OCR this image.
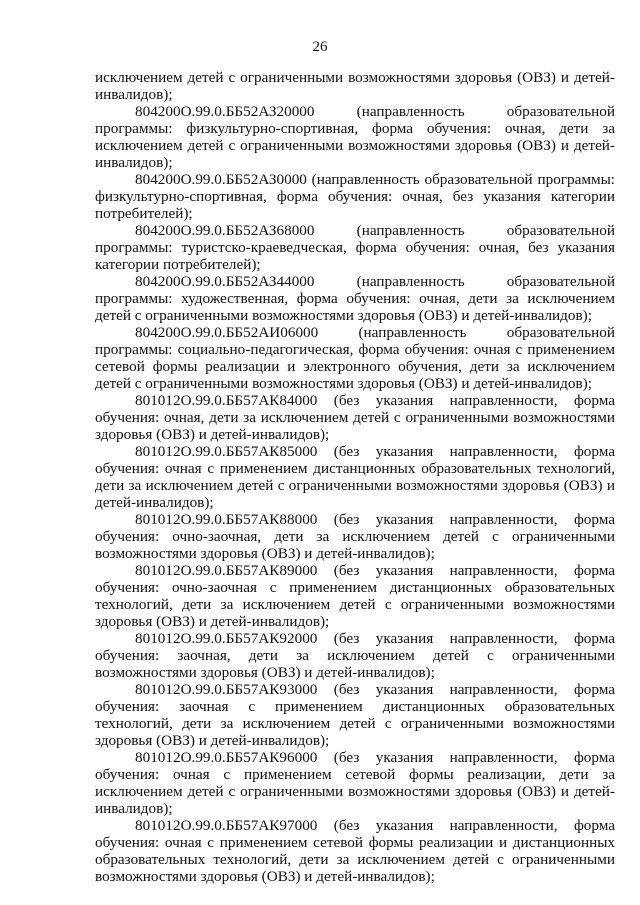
26

исключением детей с ограниченными возможностями здоровья (ОВЗ) и детей-инвалидов);

804200О.99.0.ББ52АЗ20000 (направленность образовательной программы: физкультурно-спортивная, форма обучения: очная, дети за исключением детей с ограниченными возможностями здоровья (ОВЗ) и детей-инвалидов);

804200О.99.0.ББ52АЗ0000 (направленность образовательной программы: физкультурно-спортивная, форма обучения: очная, без указания категории потребителей);

804200О.99.0.ББ52АЗ68000 (направленность образовательной программы: туристско-краеведческая, форма обучения: очная, без указания категории потребителей);

804200О.99.0.ББ52АЗ44000 (направленность образовательной программы: художественная, форма обучения: очная, дети за исключением детей с ограниченными возможностями здоровья (ОВЗ) и детей-инвалидов);

804200О.99.0.ББ52АИ06000 (направленность образовательной программы: социально-педагогическая, форма обучения: очная с применением сетевой формы реализации и электронного обучения, дети за исключением детей с ограниченными возможностями здоровья (ОВЗ) и детей-инвалидов);

801012О.99.0.ББ57АК84000 (без указания направленности, форма обучения: очная, дети за исключением детей с ограниченными возможностями здоровья (ОВЗ) и детей-инвалидов);

801012О.99.0.ББ57АК85000 (без указания направленности, форма обучения: очная с применением дистанционных образовательных технологий, дети за исключением детей с ограниченными возможностями здоровья (ОВЗ) и детей-инвалидов);

801012О.99.0.ББ57АК88000 (без указания направленности, форма обучения: очно-заочная, дети за исключением детей с ограниченными возможностями здоровья (ОВЗ) и детей-инвалидов);

801012О.99.0.ББ57АК89000 (без указания направленности, форма обучения: очно-заочная с применением дистанционных образовательных технологий, дети за исключением детей с ограниченными возможностями здоровья (ОВЗ) и детей-инвалидов);

801012О.99.0.ББ57АК92000 (без указания направленности, форма обучения: заочная, дети за исключением детей с ограниченными возможностями здоровья (ОВЗ) и детей-инвалидов);

801012О.99.0.ББ57АК93000 (без указания направленности, форма обучения: заочная с применением дистанционных образовательных технологий, дети за исключением детей с ограниченными возможностями здоровья (ОВЗ) и детей-инвалидов);

801012О.99.0.ББ57АК96000 (без указания направленности, форма обучения: очная с применением сетевой формы реализации, дети за исключением детей с ограниченными возможностями здоровья (ОВЗ) и детей-инвалидов);

801012О.99.0.ББ57АК97000 (без указания направленности, форма обучения: очная с применением сетевой формы реализации и дистанционных образовательных технологий, дети за исключением детей с ограниченными возможностями здоровья (ОВЗ) и детей-инвалидов);
